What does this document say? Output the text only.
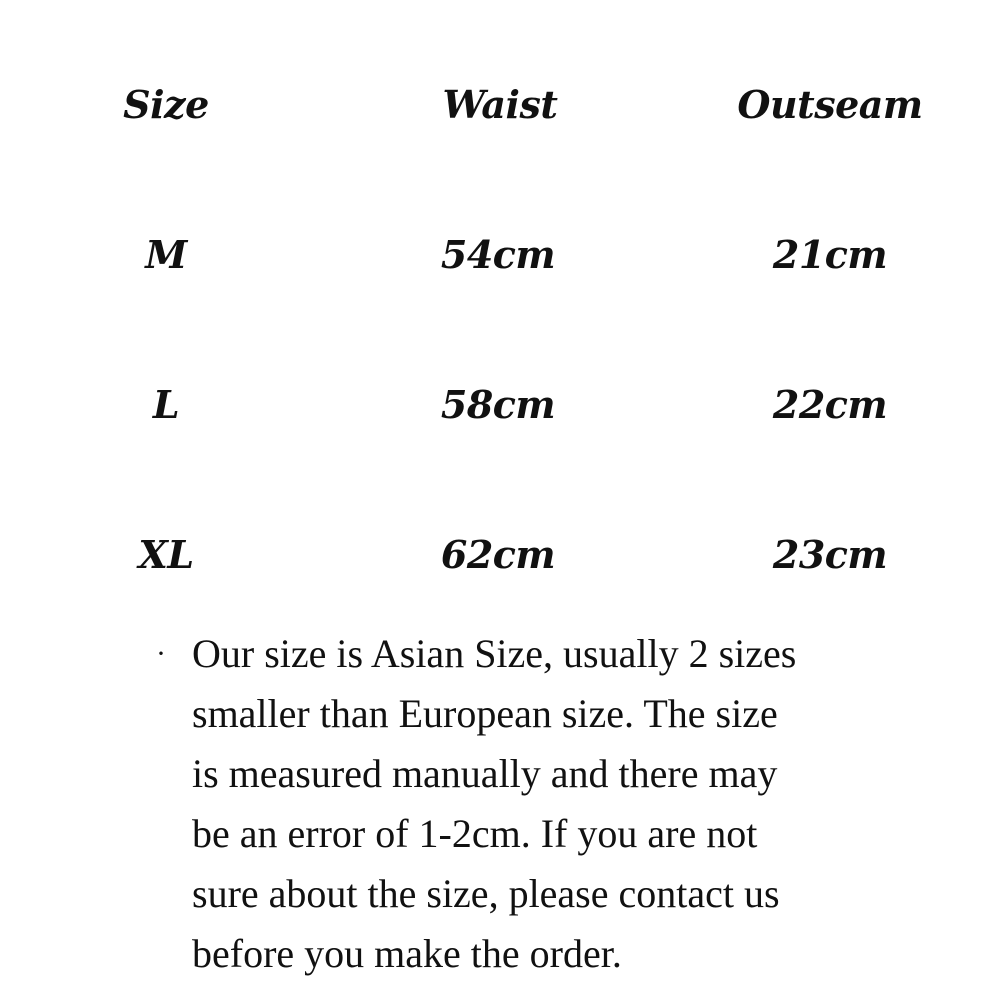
Size	Waist	Outseam
M	54cm	21cm
L	58cm	22cm
XL	62cm	23cm
· Our size is Asian Size, usually 2 sizes
smaller than European size. The size
is measured manually and there may
be an error of 1-2cm. If you are not
sure about the size, please contact us
before you make the order.
